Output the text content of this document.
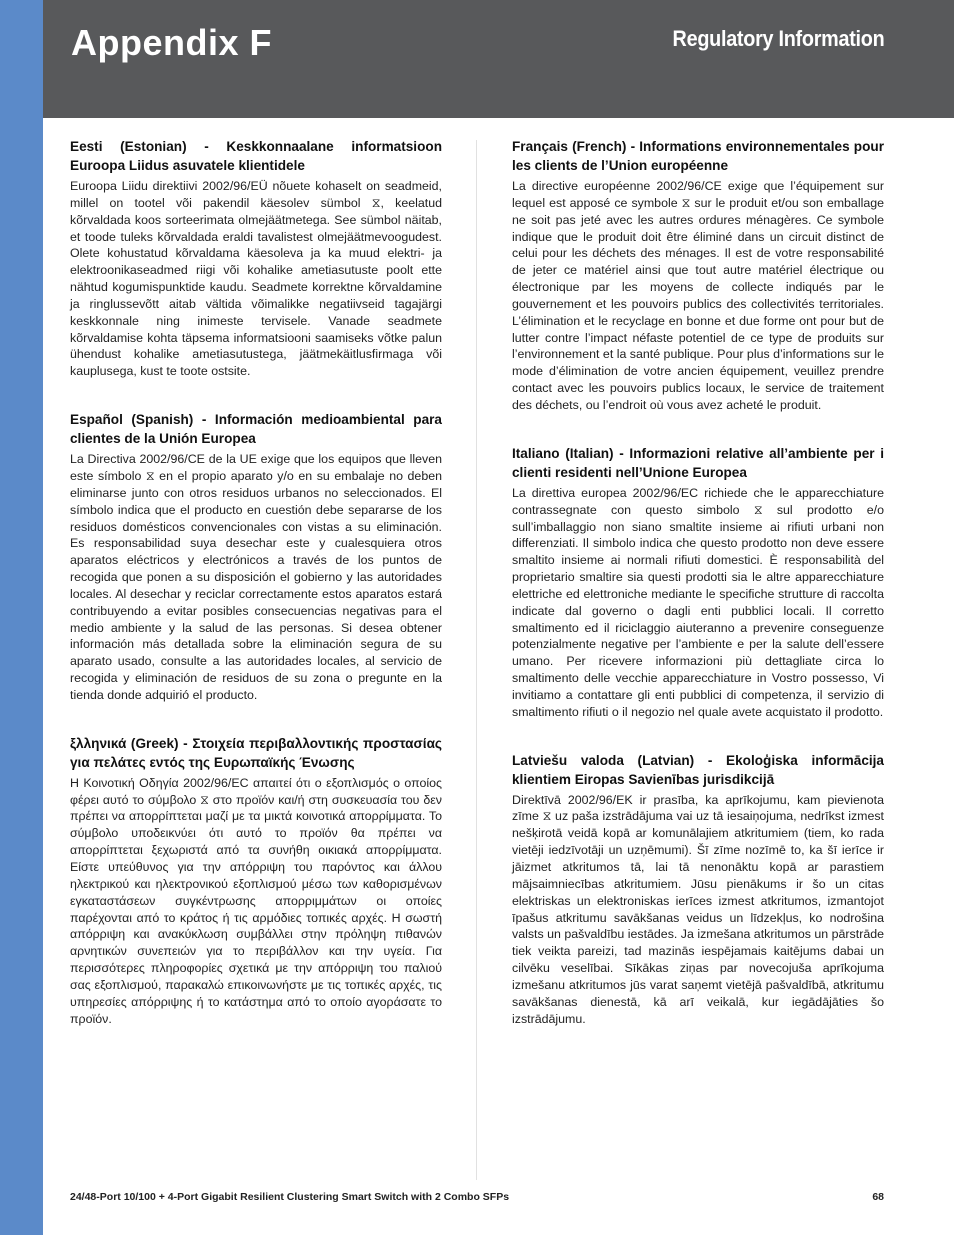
Appendix F	Regulatory Information

Eesti (Estonian) - Keskkonnaalane informatsioon Euroopa Liidus asuvatele klientidele

Euroopa Liidu direktiivi 2002/96/EÜ nõuete kohaselt on seadmeid, millel on tootel või pakendil käesolev sümbol ⧖, keelatud kõrvaldada koos sorteerimata olmejäätmetega. See sümbol näitab, et toode tuleks kõrvaldada eraldi tavalistest olmejäätmevoogudest. Olete kohustatud kõrvaldama käesoleva ja ka muud elektri- ja elektroonikaseadmed riigi või kohalike ametiasutuste poolt ette nähtud kogumispunktide kaudu. Seadmete korrektne kõrvaldamine ja ringlussevõtt aitab vältida võimalikke negatiivseid tagajärgi keskkonnale ning inimeste tervisele. Vanade seadmete kõrvaldamise kohta täpsema informatsiooni saamiseks võtke palun ühendust kohalike ametiasutustega, jäätmekäitlusfirmaga või kauplusega, kust te toote ostsite.

Español (Spanish) - Información medioambiental para clientes de la Unión Europea

La Directiva 2002/96/CE de la UE exige que los equipos que lleven este símbolo ⧖ en el propio aparato y/o en su embalaje no deben eliminarse junto con otros residuos urbanos no seleccionados. El símbolo indica que el producto en cuestión debe separarse de los residuos domésticos convencionales con vistas a su eliminación. Es responsabilidad suya desechar este y cualesquiera otros aparatos eléctricos y electrónicos a través de los puntos de recogida que ponen a su disposición el gobierno y las autoridades locales. Al desechar y reciclar correctamente estos aparatos estará contribuyendo a evitar posibles consecuencias negativas para el medio ambiente y la salud de las personas. Si desea obtener información más detallada sobre la eliminación segura de su aparato usado, consulte a las autoridades locales, al servicio de recogida y eliminación de residuos de su zona o pregunte en la tienda donde adquirió el producto.

ξλληνικά (Greek) - Στοιχεία περιβαλλοντικής προστασίας για πελάτες εντός της Ευρωπαϊκής Ένωσης

Η Κοινοτική Οδηγία 2002/96/EC απαιτεί ότι ο εξοπλισμός ο οποίος φέρει αυτό το σύμβολο ⧖ στο προϊόν και/ή στη συσκευασία του δεν πρέπει να απορρίπτεται μαζί με τα μικτά κοινοτικά απορρίμματα. Το σύμβολο υποδεικνύει ότι αυτό το προϊόν θα πρέπει να απορρίπτεται ξεχωριστά από τα συνήθη οικιακά απορρίμματα. Είστε υπεύθυνος για την απόρριψη του παρόντος και άλλου ηλεκτρικού και ηλεκτρονικού εξοπλισμού μέσω των καθορισμένων εγκαταστάσεων συγκέντρωσης απορριμμάτων οι οποίες παρέχονται από το κράτος ή τις αρμόδιες τοπικές αρχές. Η σωστή απόρριψη και ανακύκλωση συμβάλλει στην πρόληψη πιθανών αρνητικών συνεπειών για το περιβάλλον και την υγεία. Για περισσότερες πληροφορίες σχετικά με την απόρριψη του παλιού σας εξοπλισμού, παρακαλώ επικοινωνήστε με τις τοπικές αρχές, τις υπηρεσίες απόρριψης ή το κατάστημα από το οποίο αγοράσατε το προϊόν.

Français (French) - Informations environnementales pour les clients de l’Union européenne

La directive européenne 2002/96/CE exige que l’équipement sur lequel est apposé ce symbole ⧖ sur le produit et/ou son emballage ne soit pas jeté avec les autres ordures ménagères. Ce symbole indique que le produit doit être éliminé dans un circuit distinct de celui pour les déchets des ménages. Il est de votre responsabilité de jeter ce matériel ainsi que tout autre matériel électrique ou électronique par les moyens de collecte indiqués par le gouvernement et les pouvoirs publics des collectivités territoriales. L’élimination et le recyclage en bonne et due forme ont pour but de lutter contre l’impact néfaste potentiel de ce type de produits sur l’environnement et la santé publique. Pour plus d’informations sur le mode d’élimination de votre ancien équipement, veuillez prendre contact avec les pouvoirs publics locaux, le service de traitement des déchets, ou l’endroit où vous avez acheté le produit.

Italiano (Italian) - Informazioni relative all’ambiente per i clienti residenti nell’Unione Europea

La direttiva europea 2002/96/EC richiede che le apparecchiature contrassegnate con questo simbolo ⧖ sul prodotto e/o sull’imballaggio non siano smaltite insieme ai rifiuti urbani non differenziati. Il simbolo indica che questo prodotto non deve essere smaltito insieme ai normali rifiuti domestici. È responsabilità del proprietario smaltire sia questi prodotti sia le altre apparecchiature elettriche ed elettroniche mediante le specifiche strutture di raccolta indicate dal governo o dagli enti pubblici locali. Il corretto smaltimento ed il riciclaggio aiuteranno a prevenire conseguenze potenzialmente negative per l’ambiente e per la salute dell’essere umano. Per ricevere informazioni più dettagliate circa lo smaltimento delle vecchie apparecchiature in Vostro possesso, Vi invitiamo a contattare gli enti pubblici di competenza, il servizio di smaltimento rifiuti o il negozio nel quale avete acquistato il prodotto.

Latviešu valoda (Latvian) - Ekoloģiska informācija klientiem Eiropas Savienības jurisdikcijā

Direktīvā 2002/96/EK ir prasība, ka aprīkojumu, kam pievienota zīme ⧖ uz paša izstrādājuma vai uz tā iesaiņojuma, nedrīkst izmest nešķirotā veidā kopā ar komunālajiem atkritumiem (tiem, ko rada vietēji iedzīvotāji un uzņēmumi). Šī zīme nozīmē to, ka šī ierīce ir jāizmet atkritumos tā, lai tā nenonāktu kopā ar parastiem mājsaimniecības atkritumiem. Jūsu pienākums ir šo un citas elektriskas un elektroniskas ierīces izmest atkritumos, izmantojot īpašus atkritumu savākšanas veidus un līdzekļus, ko nodrošina valsts un pašvaldību iestādes. Ja izmešana atkritumos un pārstrāde tiek veikta pareizi, tad mazinās iespējamais kaitējums dabai un cilvēku veselībai. Sīkākas ziņas par novecojuša aprīkojuma izmešanu atkritumos jūs varat saņemt vietējā pašvaldībā, atkritumu savākšanas dienestā, kā arī veikalā, kur iegādājāties šo izstrādājumu.

24/48-Port 10/100 + 4-Port Gigabit Resilient Clustering Smart Switch with 2 Combo SFPs	68
